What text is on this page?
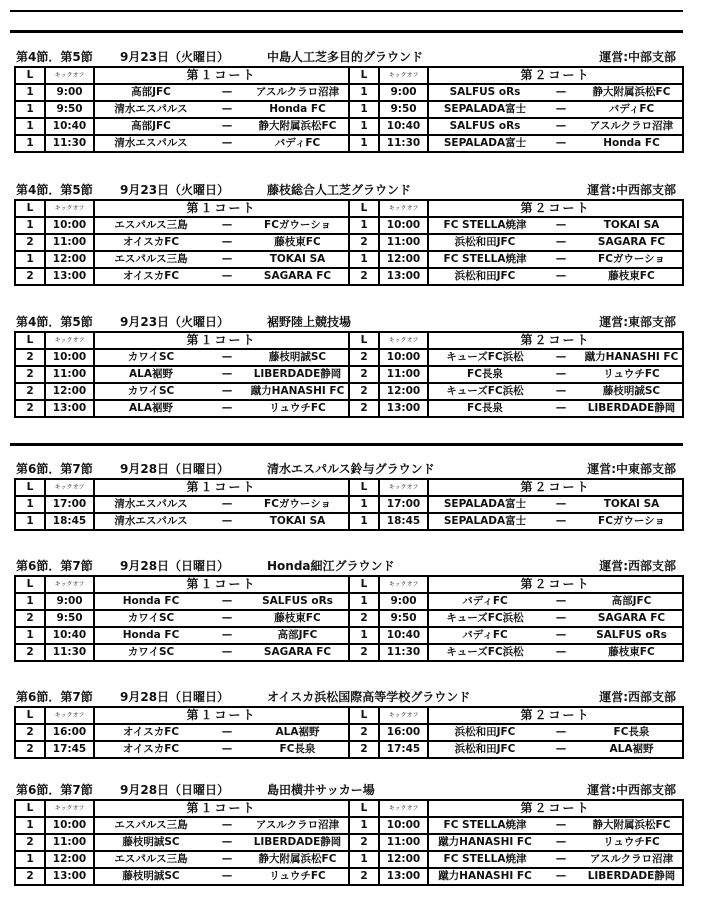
第4節．第5節 9月23日（火曜日）	中島人工芝多目的グラウンド	運営:中部支部
L	キックオフ	第１コート	L	キックオフ	第２コート
1	9:00	高部JFC — アスルクラロ沼津	1	9:00	SALFUS oRs — 静大附属浜松FC

1	9:50	清水エスパルス — Honda FC	1	9:50	SEPALADA富士 — バディFC

1	10:40	高部JFC — 静大附属浜松FC	1	10:40	SALFUS oRs — アスルクラロ沼津

1	11:30	清水エスパルス — バディFC	1	11:30	SEPALADA富士 — Honda FC
第4節．第5節 9月23日（火曜日）	藤枝総合人工芝グラウンド	運営:中西部支部
L	キックオフ	第１コート	L	キックオフ	第２コート
1	10:00	エスパルス三島 — FCガウーショ	1	10:00	FC STELLA焼津 — TOKAI SA

2	11:00	オイスカFC — 藤枝東FC	2	11:00	浜松和田JFC — SAGARA FC

1	12:00	エスパルス三島 — TOKAI SA	1	12:00	FC STELLA焼津 — FCガウーショ

2	13:00	オイスカFC — SAGARA FC	2	13:00	浜松和田JFC — 藤枝東FC
第4節．第5節 9月23日（火曜日）	裾野陸上競技場	運営:東部支部
L	キックオフ	第１コート	L	キックオフ	第２コート
2	10:00	カワイSC — 藤枝明誠SC	2	10:00	キューズFC浜松 — 蹴力HANASHI FC

2	11:00	ALA裾野 — LIBERDADE静岡	2	11:00	FC長泉 — リュウチFC

2	12:00	カワイSC — 蹴力HANASHI FC	2	12:00	キューズFC浜松 — 藤枝明誠SC

2	13:00	ALA裾野 — リュウチFC	2	13:00	FC長泉 — LIBERDADE静岡
第6節．第7節 9月28日（日曜日）	清水エスパルス鈴与グラウンド	運営:中東部支部
L	キックオフ	第１コート	L	キックオフ	第２コート
1	17:00	清水エスパルス — FCガウーショ	1	17:00	SEPALADA富士 — TOKAI SA

1	18:45	清水エスパルス — TOKAI SA	1	18:45	SEPALADA富士 — FCガウーショ
第6節．第7節 9月28日（日曜日）	Honda細江グラウンド	運営:西部支部
L	キックオフ	第１コート	L	キックオフ	第２コート
1	9:00	Honda FC — SALFUS oRs	1	9:00	バディFC — 高部JFC

2	9:50	カワイSC — 藤枝東FC	2	9:50	キューズFC浜松 — SAGARA FC

1	10:40	Honda FC — 高部JFC	1	10:40	バディFC — SALFUS oRs

2	11:30	カワイSC — SAGARA FC	2	11:30	キューズFC浜松 — 藤枝東FC
第6節．第7節 9月28日（日曜日）	オイスカ浜松国際高等学校グラウンド	運営:西部支部
L	キックオフ	第１コート	L	キックオフ	第２コート
2	16:00	オイスカFC — ALA裾野	2	16:00	浜松和田JFC — FC長泉

2	17:45	オイスカFC — FC長泉	2	17:45	浜松和田JFC — ALA裾野
第6節．第7節 9月28日（日曜日）	島田横井サッカー場	運営:中西部支部
L	キックオフ	第１コート	L	キックオフ	第２コート
1	10:00	エスパルス三島 — アスルクラロ沼津	1	10:00	FC STELLA焼津 — 静大附属浜松FC

2	11:00	藤枝明誠SC — LIBERDADE静岡	2	11:00	蹴力HANASHI FC — リュウチFC

1	12:00	エスパルス三島 — 静大附属浜松FC	1	12:00	FC STELLA焼津 — アスルクラロ沼津

2	13:00	藤枝明誠SC — リュウチFC	2	13:00	蹴力HANASHI FC — LIBERDADE静岡
